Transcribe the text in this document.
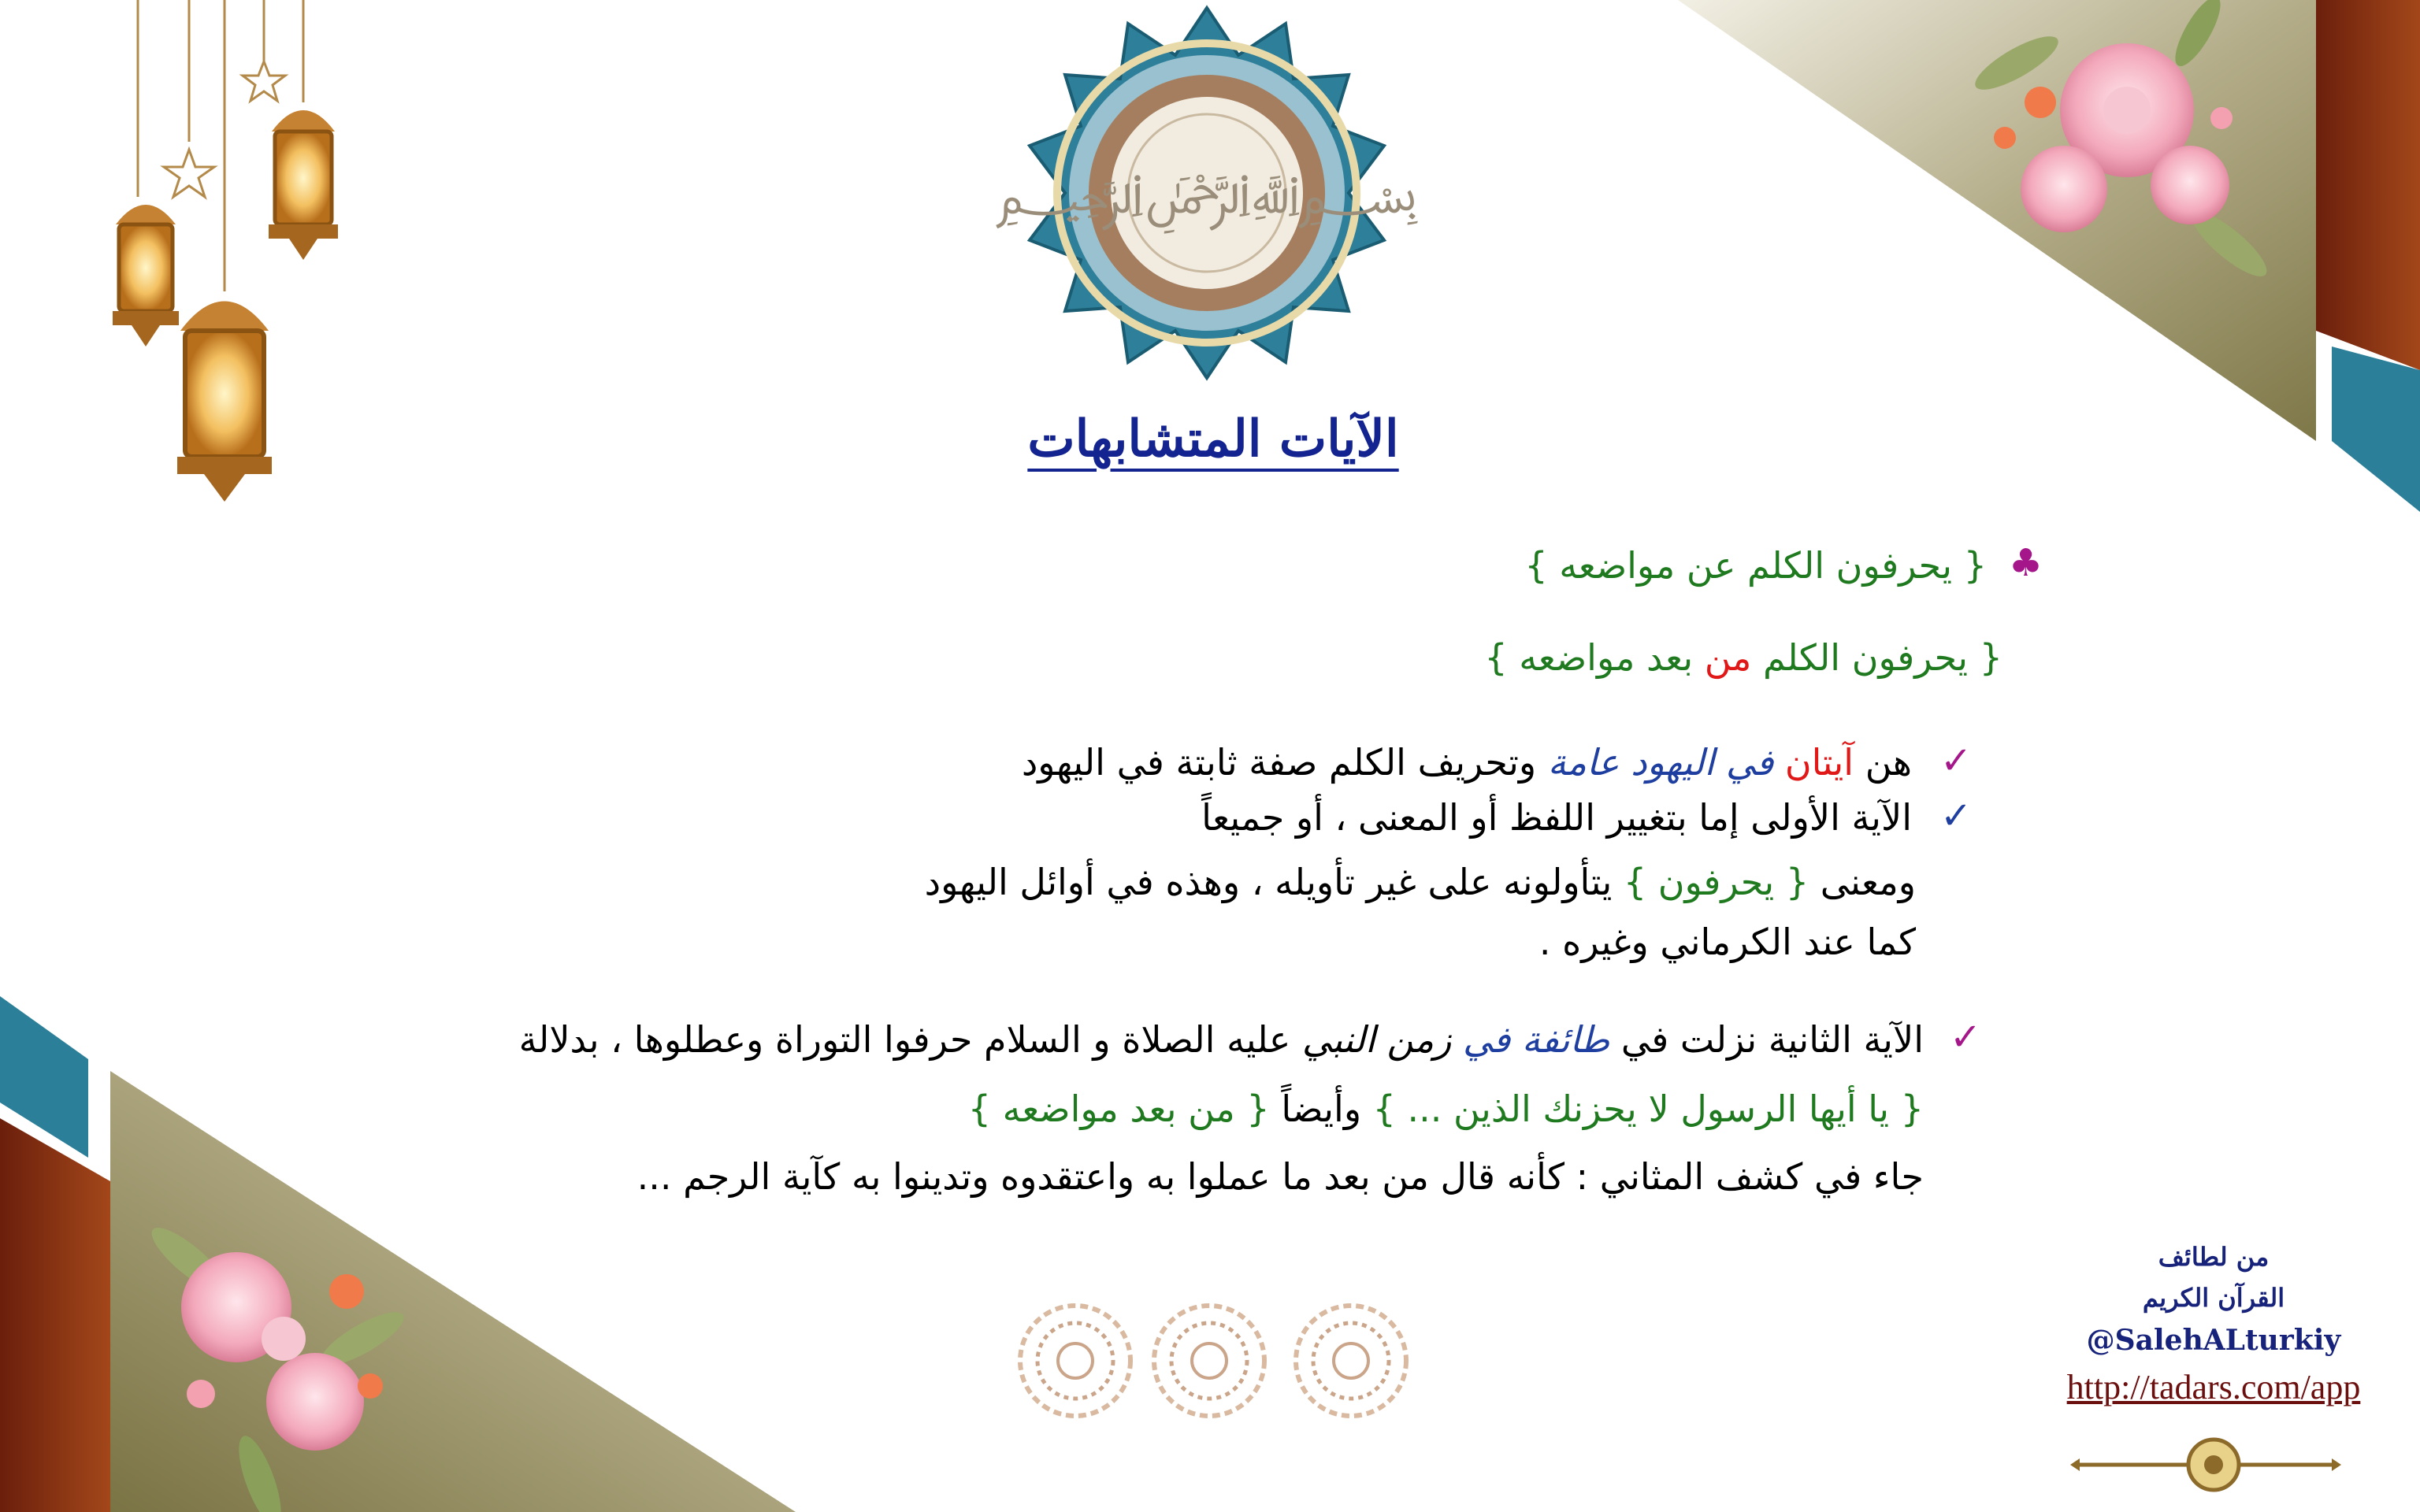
﷽
الآيات المتشابهات
♣
{ يحرفون الكلم عن مواضعه }
{ يحرفون الكلم من بعد مواضعه }
✓
هن آيتان في اليهود عامة وتحريف الكلم صفة ثابتة في اليهود
✓
الآية الأولى إما بتغيير اللفظ أو المعنى ، أو جميعاً
ومعنى { يحرفون } يتأولونه على غير تأويله ، وهذه في أوائل اليهود
كما عند الكرماني وغيره .
✓
الآية الثانية نزلت في طائفة في زمن النبي عليه الصلاة و السلام حرفوا التوراة وعطلوها ، بدلالة
{ يا أيها الرسول لا يحزنك الذين ... } وأيضاً { من بعد مواضعه }
جاء في كشف المثاني : كأنه قال من بعد ما عملوا به واعتقدوه وتدينوا به كآية الرجم ...
من لطائف
القرآن الكريم
@SalehALturkiy
http://tadars.com/app
